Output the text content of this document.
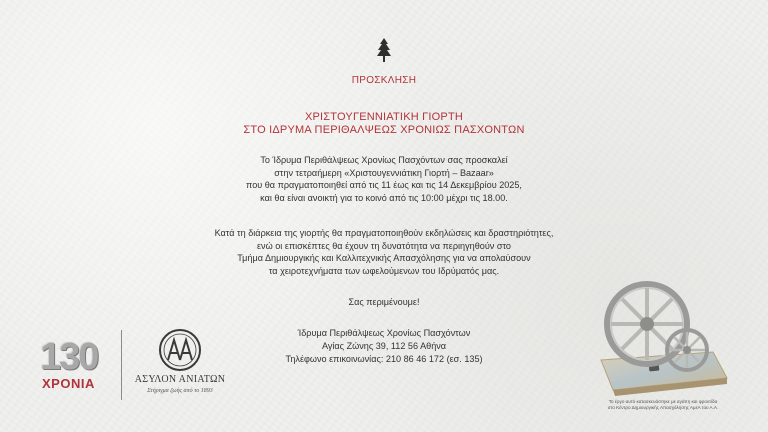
ΠΡΟΣΚΛΗΣΗ
ΧΡΙΣΤΟΥΓΕΝΝΙΑΤΙΚΗ ΓΙΟΡΤΗ
ΣΤΟ ΙΔΡΥΜΑ ΠΕΡΙΘΑΛΨΕΩΣ ΧΡΟΝΙΩΣ ΠΑΣΧΟΝΤΩΝ
Το Ίδρυμα Περιθάλψεως Χρονίως Πασχόντων σας προσκαλεί
στην τετραήμερη «Χριστουγεννιάτικη Γιορτή – Bazaar»
που θα πραγματοποιηθεί από τις 11 έως και τις 14 Δεκεμβρίου 2025,
και θα είναι ανοικτή για το κοινό από τις 10:00 μέχρι τις 18.00.
Κατά τη διάρκεια της γιορτής θα πραγματοποιηθούν εκδηλώσεις και δραστηριότητες,
ενώ οι επισκέπτες θα έχουν τη δυνατότητα να περιηγηθούν στο
Τμήμα Δημιουργικής και Καλλιτεχνικής Απασχόλησης για να απολαύσουν
τα χειροτεχνήματα των ωφελούμενων του Ιδρύματός μας.
Σας περιμένουμε!
Ίδρυμα Περιθάλψεως Χρονίως Πασχόντων
Αγίας Ζώνης 39, 112 56 Αθήνα
Τηλέφωνο επικοινωνίας: 210 86 46 172 (εσ. 135)
130
ΧΡΟΝΙΑ	ΑΣΥΛΟΝ ΑΝΙΑΤΩΝ
Στήριγμα ζωής από το 1893
Το έργο αυτό κατασκευάστηκε με αγάπη και φροντίδα
στο Κέντρο Δημιουργικής Απασχόλησης ΑμεΑ του Α.Α.
